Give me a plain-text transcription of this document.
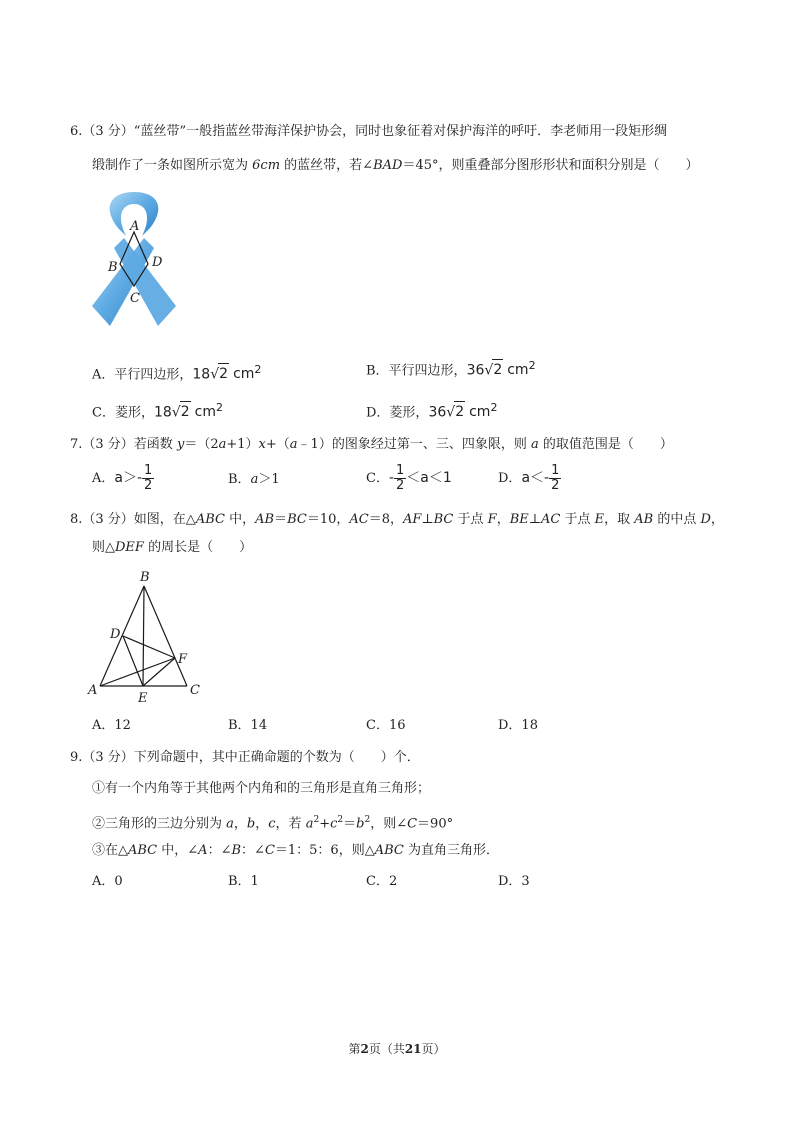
6.（3 分）“蓝丝带”一般指蓝丝带海洋保护协会，同时也象征着对保护海洋的呼吁．李老师用一段矩形绸
缎制作了一条如图所示宽为 6cm 的蓝丝带，若∠BAD＝45°，则重叠部分图形形状和面积分别是（　　）
A
B	D
C
A．平行四边形，18√2 $cm^2$	B．平行四边形，36√2 $cm^2$
C．菱形，18√2 $cm^2$	D．菱形，36√2 $cm^2$
7.（3 分）若函数 y＝（2a+1）x+（a﹣1）的图象经过第一、三、四象限，则 a 的取值范围是（　　）
A．$a>- \frac{1}{2}$	B．a＞1	C．- $\frac{1}{2} <a<1$	D．$a<- \frac{1}{2}$
8.（3 分）如图，在△ABC 中，AB＝BC＝10，AC＝8，AF⊥BC 于点 F，BE⊥AC 于点 E，取 AB 的中点 D，
则△DEF 的周长是（　　）
B
D
F
A
E
C
A．12	B．14	C．16	D．18
9.（3 分）下列命题中，其中正确命题的个数为（　　）个．
①有一个内角等于其他两个内角和的三角形是直角三角形；
②三角形的三边分别为 a，b，c，若 $a^2+c^2=b^2$，则∠C＝90°
③在△ABC 中，∠A：∠B：∠C＝1：5：6，则△ABC 为直角三角形．
A．0	B．1	C．2	D．3
第2页（共21页）
